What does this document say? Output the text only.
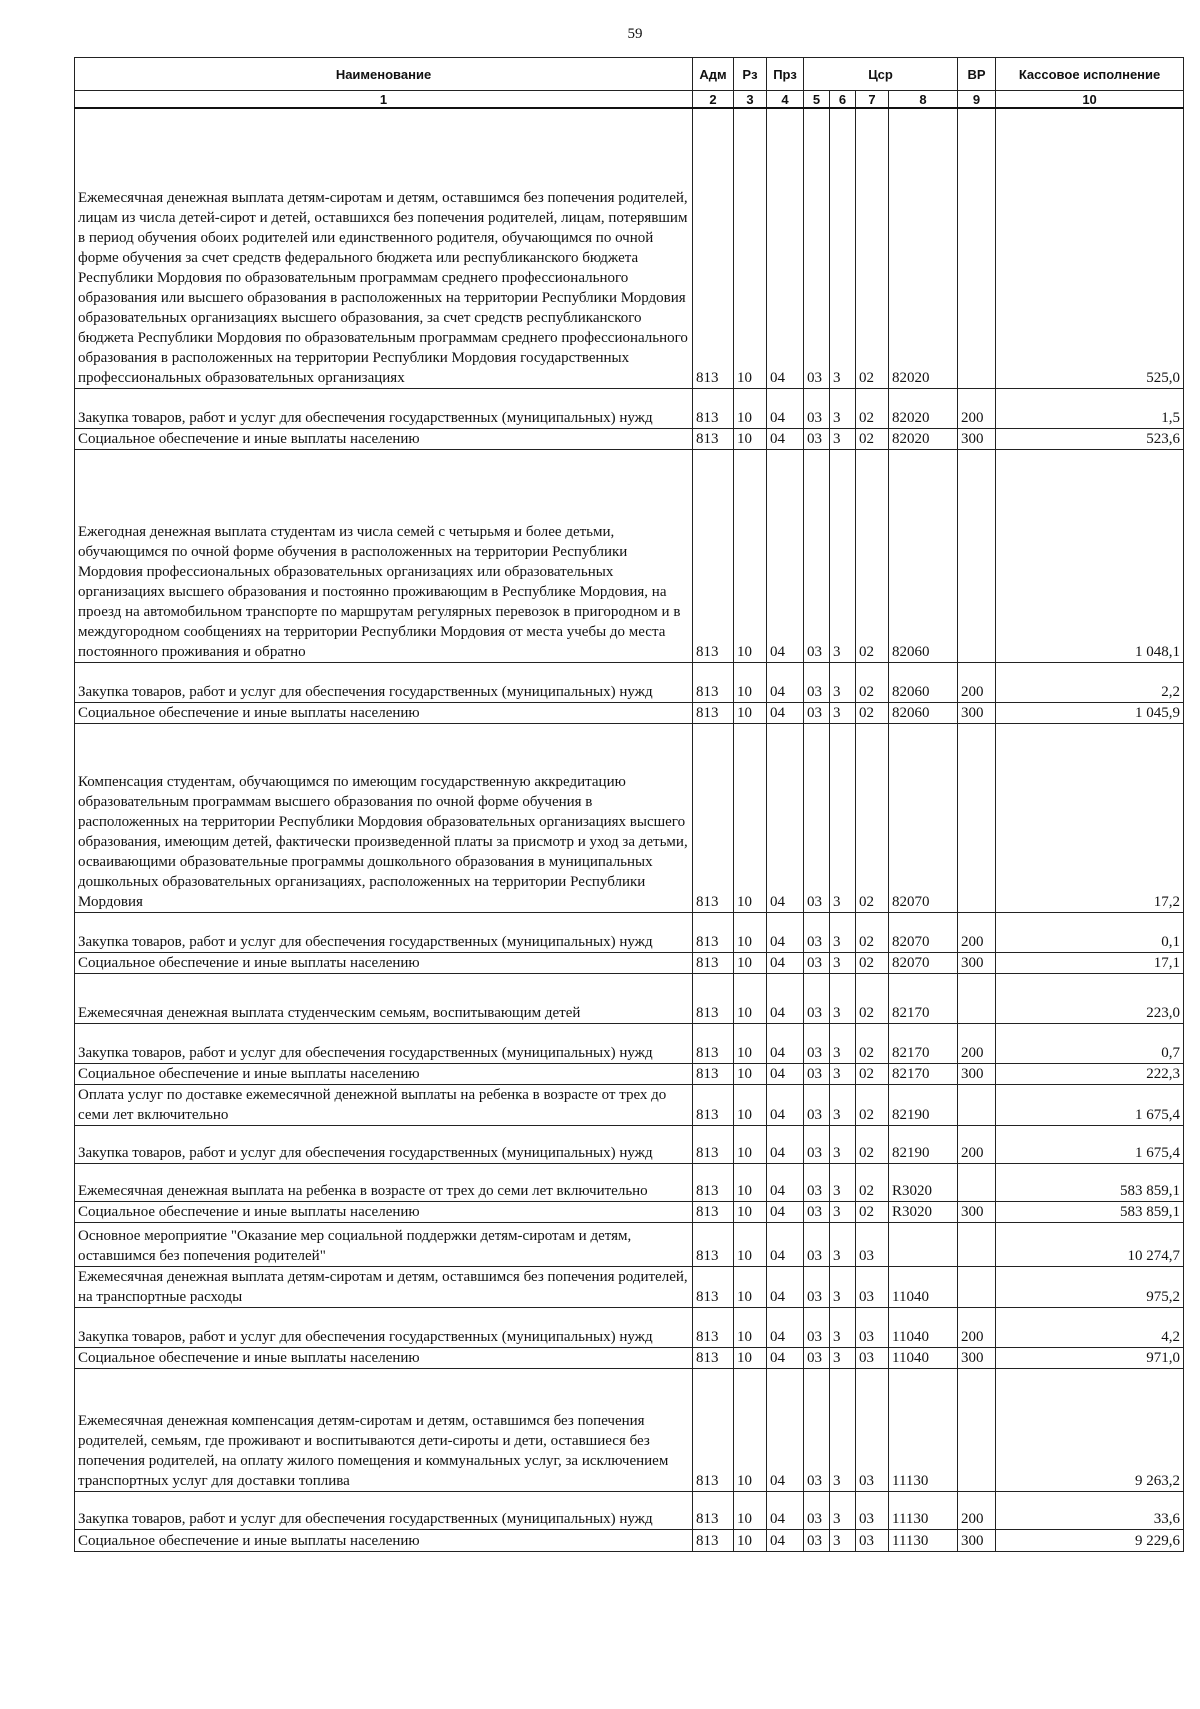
59
Наименование	Адм	Рз	Прз	Цср				ВР	Кассовое исполнение
1	2	3	4	5	6	7	8	9	10
Ежемесячная денежная выплата детям-сиротам и детям, оставшимся без попечения родителей, лицам из числа детей-сирот и детей, оставшихся без попечения родителей, лицам, потерявшим в период обучения обоих родителей или единственного родителя, обучающимся по очной форме обучения за счет средств федерального бюджета или республиканского бюджета Республики Мордовия по образовательным программам среднего профессионального образования или высшего образования в расположенных на территории Республики Мордовия образовательных организациях высшего образования, за счет средств республиканского бюджета Республики Мордовия по образовательным программам среднего профессионального образования в расположенных на территории Республики Мордовия государственных профессиональных образовательных организациях	813	10	04	03	3	02	82020		525,0
Закупка товаров, работ и услуг для обеспечения государственных (муниципальных) нужд	813	10	04	03	3	02	82020	200	1,5
Социальное обеспечение и иные выплаты населению	813	10	04	03	3	02	82020	300	523,6
Ежегодная денежная выплата студентам из числа семей с четырьмя и более детьми, обучающимся по очной форме обучения в расположенных на территории Республики Мордовия профессиональных образовательных организациях или образовательных организациях высшего образования и постоянно проживающим в Республике Мордовия, на проезд на автомобильном транспорте по маршрутам регулярных перевозок в пригородном и в междугородном сообщениях на территории Республики Мордовия от места учебы до места постоянного проживания и обратно	813	10	04	03	3	02	82060		1 048,1
Закупка товаров, работ и услуг для обеспечения государственных (муниципальных) нужд	813	10	04	03	3	02	82060	200	2,2
Социальное обеспечение и иные выплаты населению	813	10	04	03	3	02	82060	300	1 045,9
Компенсация студентам, обучающимся по имеющим государственную аккредитацию образовательным программам высшего образования по очной форме обучения в расположенных на территории Республики Мордовия образовательных организациях высшего образования, имеющим детей, фактически произведенной платы за присмотр и уход за детьми, осваивающими образовательные программы дошкольного образования в муниципальных дошкольных образовательных организациях, расположенных на территории Республики Мордовия	813	10	04	03	3	02	82070		17,2
Закупка товаров, работ и услуг для обеспечения государственных (муниципальных) нужд	813	10	04	03	3	02	82070	200	0,1
Социальное обеспечение и иные выплаты населению	813	10	04	03	3	02	82070	300	17,1
Ежемесячная денежная выплата студенческим семьям, воспитывающим детей	813	10	04	03	3	02	82170		223,0
Закупка товаров, работ и услуг для обеспечения государственных (муниципальных) нужд	813	10	04	03	3	02	82170	200	0,7
Социальное обеспечение и иные выплаты населению	813	10	04	03	3	02	82170	300	222,3
Оплата услуг по доставке ежемесячной денежной выплаты на ребенка в возрасте от трех до семи лет включительно	813	10	04	03	3	02	82190		1 675,4
Закупка товаров, работ и услуг для обеспечения государственных (муниципальных) нужд	813	10	04	03	3	02	82190	200	1 675,4
Ежемесячная денежная выплата на ребенка в возрасте от трех до семи лет включительно	813	10	04	03	3	02	R3020		583 859,1
Социальное обеспечение и иные выплаты населению	813	10	04	03	3	02	R3020	300	583 859,1
Основное мероприятие "Оказание мер социальной поддержки детям-сиротам и детям, оставшимся без попечения родителей"	813	10	04	03	3	03			10 274,7
Ежемесячная денежная выплата детям-сиротам и детям, оставшимся без попечения родителей, на транспортные расходы	813	10	04	03	3	03	11040		975,2
Закупка товаров, работ и услуг для обеспечения государственных (муниципальных) нужд	813	10	04	03	3	03	11040	200	4,2
Социальное обеспечение и иные выплаты населению	813	10	04	03	3	03	11040	300	971,0
Ежемесячная денежная компенсация детям-сиротам и детям, оставшимся без попечения родителей, семьям, где проживают и воспитываются дети-сироты и дети, оставшиеся без попечения родителей, на оплату жилого помещения и коммунальных услуг, за исключением транспортных услуг для доставки топлива	813	10	04	03	3	03	11130		9 263,2
Закупка товаров, работ и услуг для обеспечения государственных (муниципальных) нужд	813	10	04	03	3	03	11130	200	33,6
Социальное обеспечение и иные выплаты населению	813	10	04	03	3	03	11130	300	9 229,6
